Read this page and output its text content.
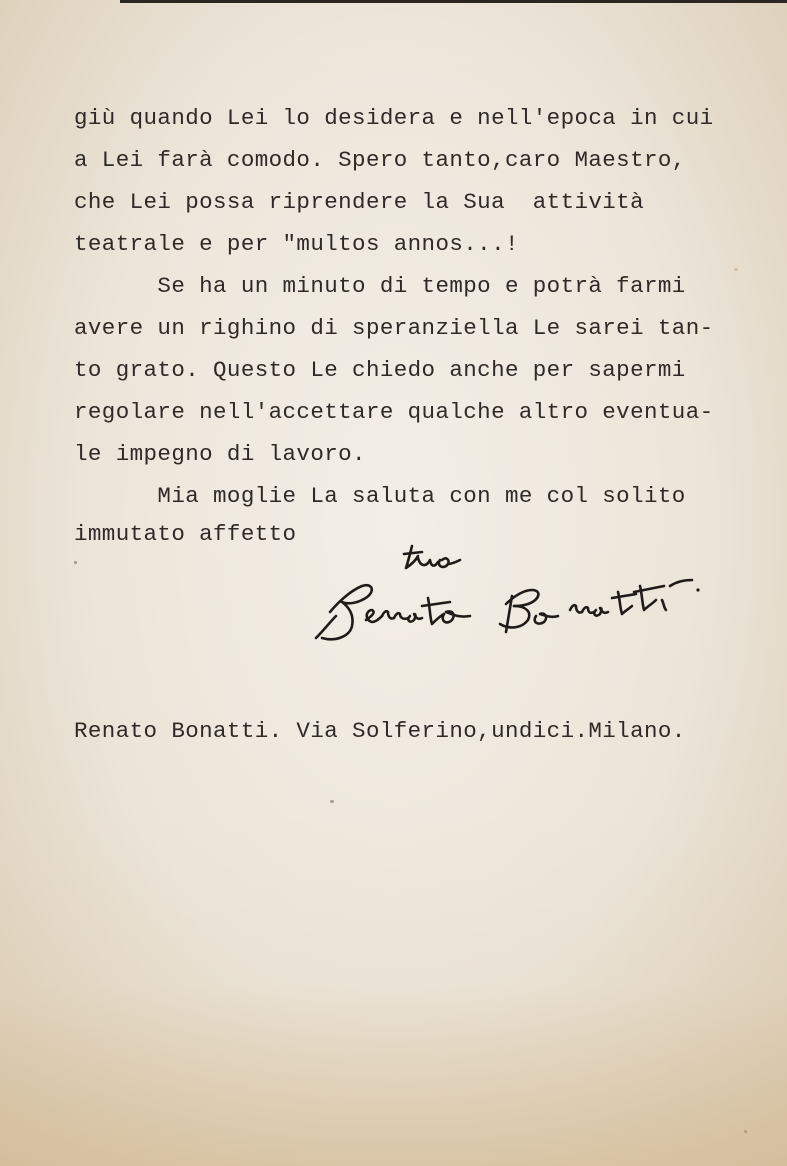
giù quando Lei lo desidera e nell'epoca in cui
a Lei farà comodo. Spero tanto,caro Maestro,
che Lei possa riprendere la Sua  attività
teatrale e per "multos annos...!
Se ha un minuto di tempo e potrà farmi
avere un righino di speranziella Le sarei tan-
to grato. Questo Le chiedo anche per sapermi
regolare nell'accettare qualche altro eventua-
le impegno di lavoro.
Mia moglie La saluta con me col solito
immutato affetto
Renato Bonatti. Via Solferino,undici.Milano.
